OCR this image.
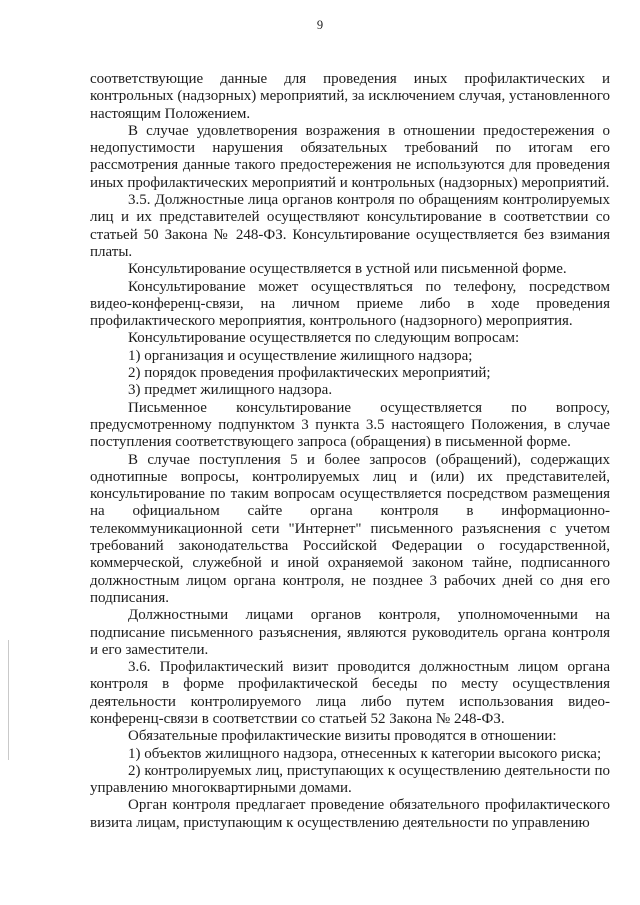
9

соответствующие данные для проведения иных профилактических и контрольных (надзорных) мероприятий, за исключением случая, установленного настоящим Положением.

В случае удовлетворения возражения в отношении предостережения о недопустимости нарушения обязательных требований по итогам его рассмотрения данные такого предостережения не используются для проведения иных профилактических мероприятий и контрольных (надзорных) мероприятий.

3.5. Должностные лица органов контроля по обращениям контролируемых лиц и их представителей осуществляют консультирование в соответствии со статьей 50 Закона № 248-ФЗ. Консультирование осуществляется без взимания платы.

Консультирование осуществляется в устной или письменной форме.

Консультирование может осуществляться по телефону, посредством видео-конференц-связи, на личном приеме либо в ходе проведения профилактического мероприятия, контрольного (надзорного) мероприятия.

Консультирование осуществляется по следующим вопросам:

1) организация и осуществление жилищного надзора;

2) порядок проведения профилактических мероприятий;

3) предмет жилищного надзора.

Письменное консультирование осуществляется по вопросу, предусмотренному подпунктом 3 пункта 3.5 настоящего Положения, в случае поступления соответствующего запроса (обращения) в письменной форме.

В случае поступления 5 и более запросов (обращений), содержащих однотипные вопросы, контролируемых лиц и (или) их представителей, консультирование по таким вопросам осуществляется посредством размещения на официальном сайте органа контроля в информационно-телекоммуникационной сети "Интернет" письменного разъяснения с учетом требований законодательства Российской Федерации о государственной, коммерческой, служебной и иной охраняемой законом тайне, подписанного должностным лицом органа контроля, не позднее 3 рабочих дней со дня его подписания.

Должностными лицами органов контроля, уполномоченными на подписание письменного разъяснения, являются руководитель органа контроля и его заместители.

3.6. Профилактический визит проводится должностным лицом органа контроля в форме профилактической беседы по месту осуществления деятельности контролируемого лица либо путем использования видео-конференц-связи в соответствии со статьей 52 Закона № 248-ФЗ.

Обязательные профилактические визиты проводятся в отношении:

1) объектов жилищного надзора, отнесенных к категории высокого риска;

2) контролируемых лиц, приступающих к осуществлению деятельности по управлению многоквартирными домами.

Орган контроля предлагает проведение обязательного профилактического визита лицам, приступающим к осуществлению деятельности по управлению
